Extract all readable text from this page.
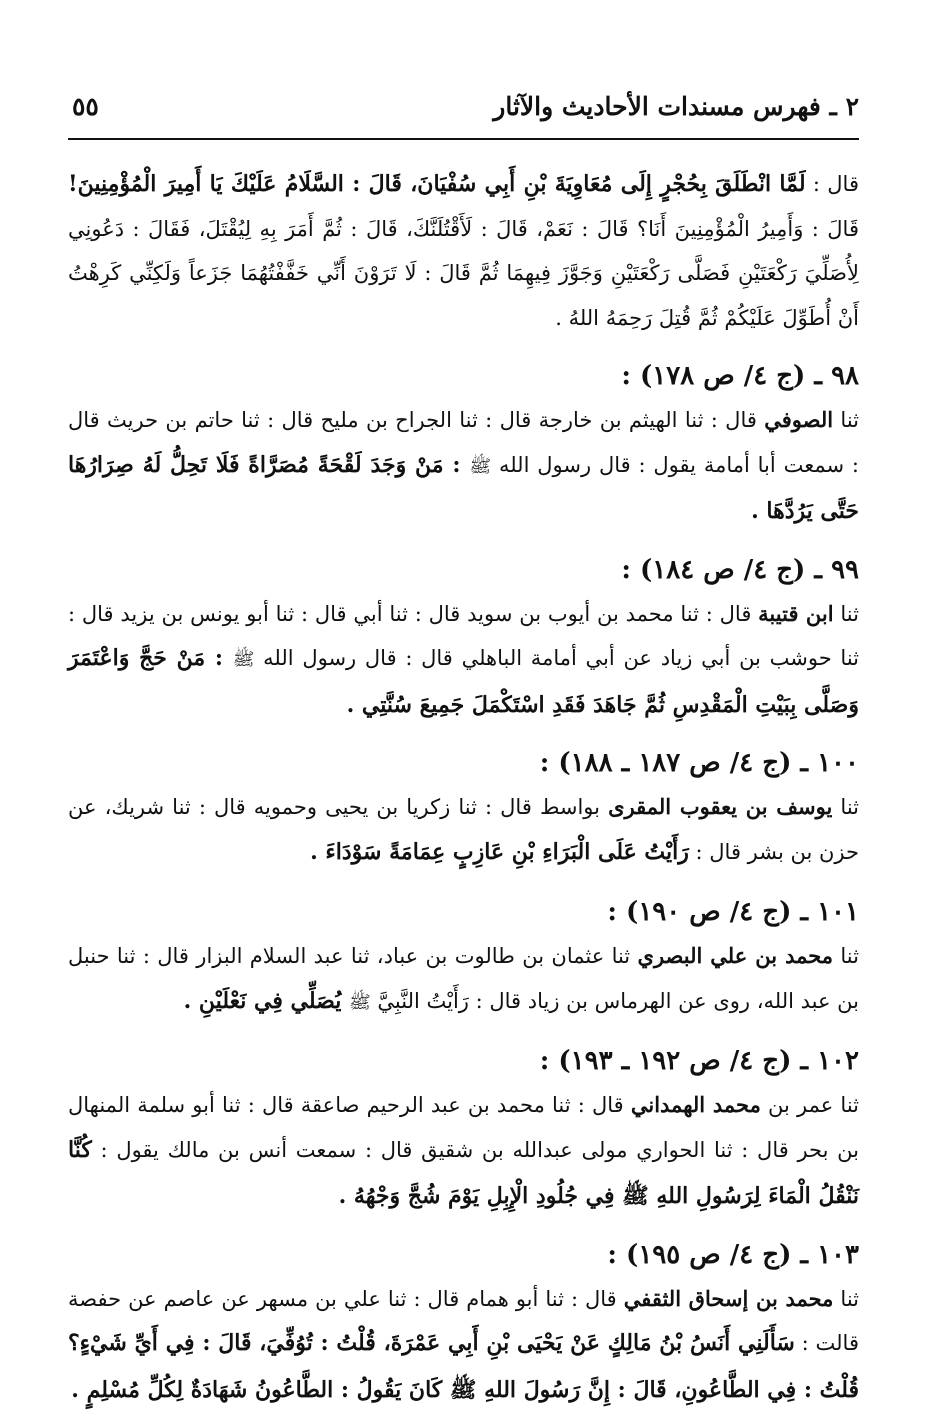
٢ ـ فهرس مسندات الأحاديث والآثار
٥٥

قال : لَمَّا انْطَلَقَ بِحُجْرٍ إِلَى مُعَاوِيَةَ بْنِ أَبِي سُفْيَانَ، قَالَ : السَّلَامُ عَلَيْكَ يَا أَمِيرَ الْمُؤْمِنِينَ! قَالَ : وَأَمِيرُ الْمُؤْمِنِينَ أَنَا؟ قَالَ : نَعَمْ، قَالَ : لَأَقْتُلَنَّكَ، قَالَ : ثُمَّ أَمَرَ بِهِ لِيُقْتَلَ، فَقَالَ : دَعُونِي لِأُصَلِّيَ رَكْعَتَيْنِ فَصَلَّى رَكْعَتَيْنِ وَجَوَّزَ فِيهِمَا ثُمَّ قَالَ : لَا تَرَوْنَ أَنِّي خَفَّفْتُهُمَا جَزَعاً وَلَكِنِّي كَرِهْتُ أَنْ أُطَوِّلَ عَلَيْكُمْ ثُمَّ قُتِلَ رَحِمَهُ اللهُ .

٩٨ ـ (ج ٤/ ص ١٧٨) :

ثنا الصوفي قال : ثنا الهيثم بن خارجة قال : ثنا الجراح بن مليح قال : ثنا حاتم بن حريث قال : سمعت أبا أمامة يقول : قال رسول الله ﷺ : مَنْ وَجَدَ لَقْحَةً مُصَرَّاةً فَلَا تَحِلُّ لَهُ صِرَارُهَا حَتَّى يَرُدَّهَا .

٩٩ ـ (ج ٤/ ص ١٨٤) :

ثنا ابن قتيبة قال : ثنا محمد بن أيوب بن سويد قال : ثنا أبي قال : ثنا أبو يونس بن يزيد قال : ثنا حوشب بن أبي زياد عن أبي أمامة الباهلي قال : قال رسول الله ﷺ : مَنْ حَجَّ وَاعْتَمَرَ وَصَلَّى بِبَيْتِ الْمَقْدِسِ ثُمَّ جَاهَدَ فَقَدِ اسْتَكْمَلَ جَمِيعَ سُنَّتِي .

١٠٠ ـ (ج ٤/ ص ١٨٧ ـ ١٨٨) :

ثنا يوسف بن يعقوب المقرى بواسط قال : ثنا زكريا بن يحيى وحمويه قال : ثنا شريك، عن حزن بن بشر قال : رَأَيْتُ عَلَى الْبَرَاءِ بْنِ عَازِبٍ عِمَامَةً سَوْدَاءَ .

١٠١ ـ (ج ٤/ ص ١٩٠) :

ثنا محمد بن علي البصري ثنا عثمان بن طالوت بن عباد، ثنا عبد السلام البزار قال : ثنا حنبل بن عبد الله، روى عن الهرماس بن زياد قال : رَأَيْتُ النَّبِيَّ ﷺ يُصَلِّي فِي نَعْلَيْنِ .

١٠٢ ـ (ج ٤/ ص ١٩٢ ـ ١٩٣) :

ثنا عمر بن محمد الهمداني قال : ثنا محمد بن عبد الرحيم صاعقة قال : ثنا أبو سلمة المنهال بن بحر قال : ثنا الحواري مولى عبدالله بن شقيق قال : سمعت أنس بن مالك يقول : كُنَّا نَنْقُلُ الْمَاءَ لِرَسُولِ اللهِ ﷺ فِي جُلُودِ الْإِبِلِ يَوْمَ شُجَّ وَجْهُهُ .

١٠٣ ـ (ج ٤/ ص ١٩٥) :

ثنا محمد بن إسحاق الثقفي قال : ثنا أبو همام قال : ثنا علي بن مسهر عن عاصم عن حفصة قالت : سَأَلَنِي أَنَسُ بْنُ مَالِكٍ عَنْ يَحْيَى بْنِ أَبِي عَمْرَةَ، قُلْتُ : تُوُفِّيَ، قَالَ : فِي أَيِّ شَيْءٍ؟ قُلْتُ : فِي الطَّاعُونِ، قَالَ : إِنَّ رَسُولَ اللهِ ﷺ كَانَ يَقُولُ : الطَّاعُونُ شَهَادَةٌ لِكُلِّ مُسْلِمٍ .
